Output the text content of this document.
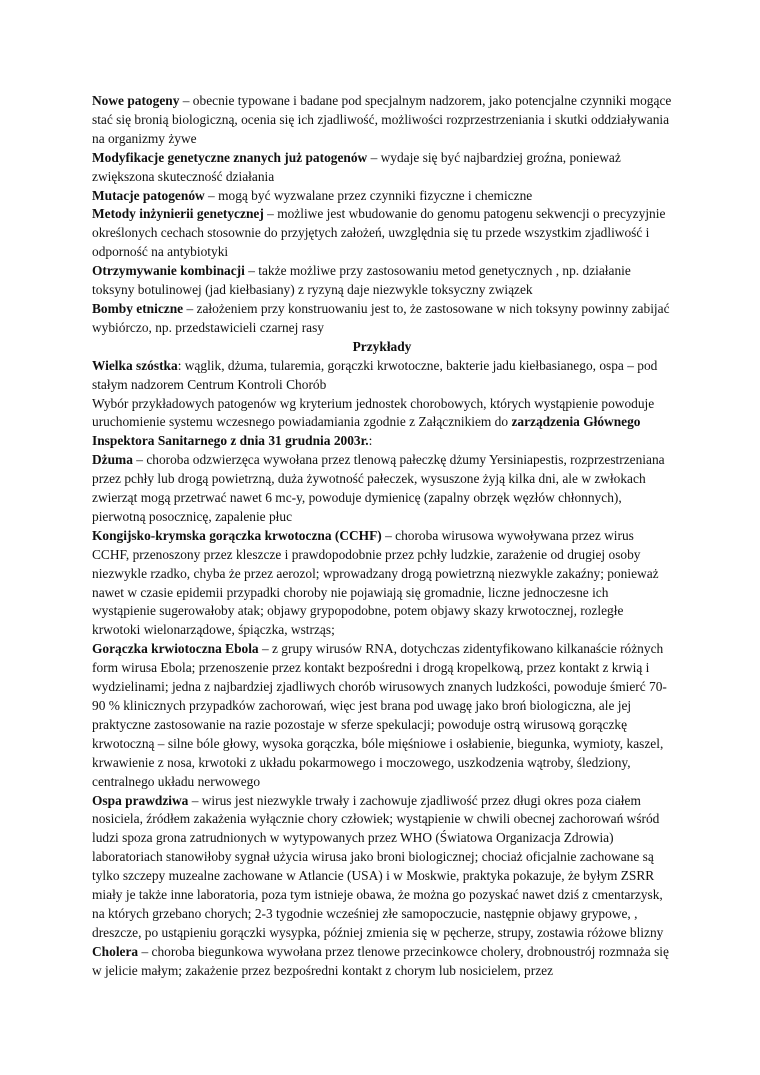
Nowe patogeny – obecnie typowane i badane pod specjalnym nadzorem, jako potencjalne czynniki mogące stać się bronią biologiczną, ocenia się ich zjadliwość, możliwości rozprzestrzeniania i skutki oddziaływania na organizmy żywe

Modyfikacje genetyczne znanych już patogenów – wydaje się być najbardziej groźna, ponieważ zwiększona skuteczność działania

Mutacje patogenów – mogą być wyzwalane przez czynniki fizyczne i chemiczne

Metody inżynierii genetycznej – możliwe jest wbudowanie do genomu patogenu sekwencji o precyzyjnie określonych cechach stosownie do przyjętych założeń, uwzględnia się tu przede wszystkim zjadliwość i odporność na antybiotyki

Otrzymywanie kombinacji – także możliwe przy zastosowaniu metod genetycznych , np. działanie toksyny botulinowej (jad kiełbasiany) z ryzyną daje niezwykle toksyczny związek

Bomby etniczne – założeniem przy konstruowaniu jest to, że zastosowane w nich toksyny powinny zabijać wybiórczo, np. przedstawicieli czarnej rasy

Przykłady

Wielka szóstka: wąglik, dżuma, tularemia, gorączki krwotoczne, bakterie jadu kiełbasianego, ospa – pod stałym nadzorem Centrum Kontroli Chorób

Wybór przykładowych patogenów wg kryterium jednostek chorobowych, których wystąpienie powoduje uruchomienie systemu wczesnego powiadamiania zgodnie z Załącznikiem do zarządzenia Głównego Inspektora Sanitarnego z dnia 31 grudnia 2003r.:

Dżuma – choroba odzwierzęca wywołana przez tlenową pałeczkę dżumy Yersiniapestis, rozprzestrzeniana przez pchły lub drogą powietrzną, duża żywotność pałeczek, wysuszone żyją kilka dni, ale w zwłokach zwierząt mogą przetrwać nawet 6 mc-y, powoduje dymienicę (zapalny obrzęk węzłów chłonnych), pierwotną posocznicę, zapalenie płuc

Kongijsko-krymska gorączka krwotoczna (CCHF) – choroba wirusowa wywoływana przez wirus CCHF, przenoszony przez kleszcze i prawdopodobnie przez pchły ludzkie, zarażenie od drugiej osoby niezwykle rzadko, chyba że przez aerozol; wprowadzany drogą powietrzną niezwykle zakaźny; ponieważ nawet w czasie epidemii przypadki choroby nie pojawiają się gromadnie, liczne jednoczesne ich wystąpienie sugerowałoby atak; objawy grypopodobne, potem objawy skazy krwotocznej, rozległe krwotoki wielonarządowe, śpiączka, wstrząs;

Gorączka krwiotoczna Ebola – z grupy wirusów RNA, dotychczas zidentyfikowano kilkanaście różnych form wirusa Ebola; przenoszenie przez kontakt bezpośredni i drogą kropelkową, przez kontakt z krwią i wydzielinami; jedna z najbardziej zjadliwych chorób wirusowych znanych ludzkości, powoduje śmierć 70-90 % klinicznych przypadków zachorowań, więc jest brana pod uwagę jako broń biologiczna, ale jej praktyczne zastosowanie na razie pozostaje w sferze spekulacji; powoduje ostrą wirusową gorączkę krwotoczną – silne bóle głowy, wysoka gorączka, bóle mięśniowe i osłabienie, biegunka, wymioty, kaszel, krwawienie z nosa, krwotoki z układu pokarmowego i moczowego, uszkodzenia wątroby, śledziony, centralnego układu nerwowego

Ospa prawdziwa – wirus jest niezwykle trwały i zachowuje zjadliwość przez długi okres poza ciałem nosiciela, źródłem zakażenia wyłącznie chory człowiek; wystąpienie w chwili obecnej zachorowań wśród ludzi spoza grona zatrudnionych w wytypowanych przez WHO (Światowa Organizacja Zdrowia) laboratoriach stanowiłoby sygnał użycia wirusa jako broni biologicznej; chociaż oficjalnie zachowane są tylko szczepy muzealne zachowane w Atlancie (USA) i w Moskwie, praktyka pokazuje, że byłym ZSRR miały je także inne laboratoria, poza tym istnieje obawa, że można go pozyskać nawet dziś z cmentarzysk, na których grzebano chorych; 2-3 tygodnie wcześniej złe samopoczucie, następnie objawy grypowe, , dreszcze, po ustąpieniu gorączki wysypka, później zmienia się w pęcherze, strupy, zostawia różowe blizny

Cholera – choroba biegunkowa wywołana przez tlenowe przecinkowce cholery, drobnoustrój rozmnaża się w jelicie małym; zakażenie przez bezpośredni kontakt z chorym lub nosicielem, przez
